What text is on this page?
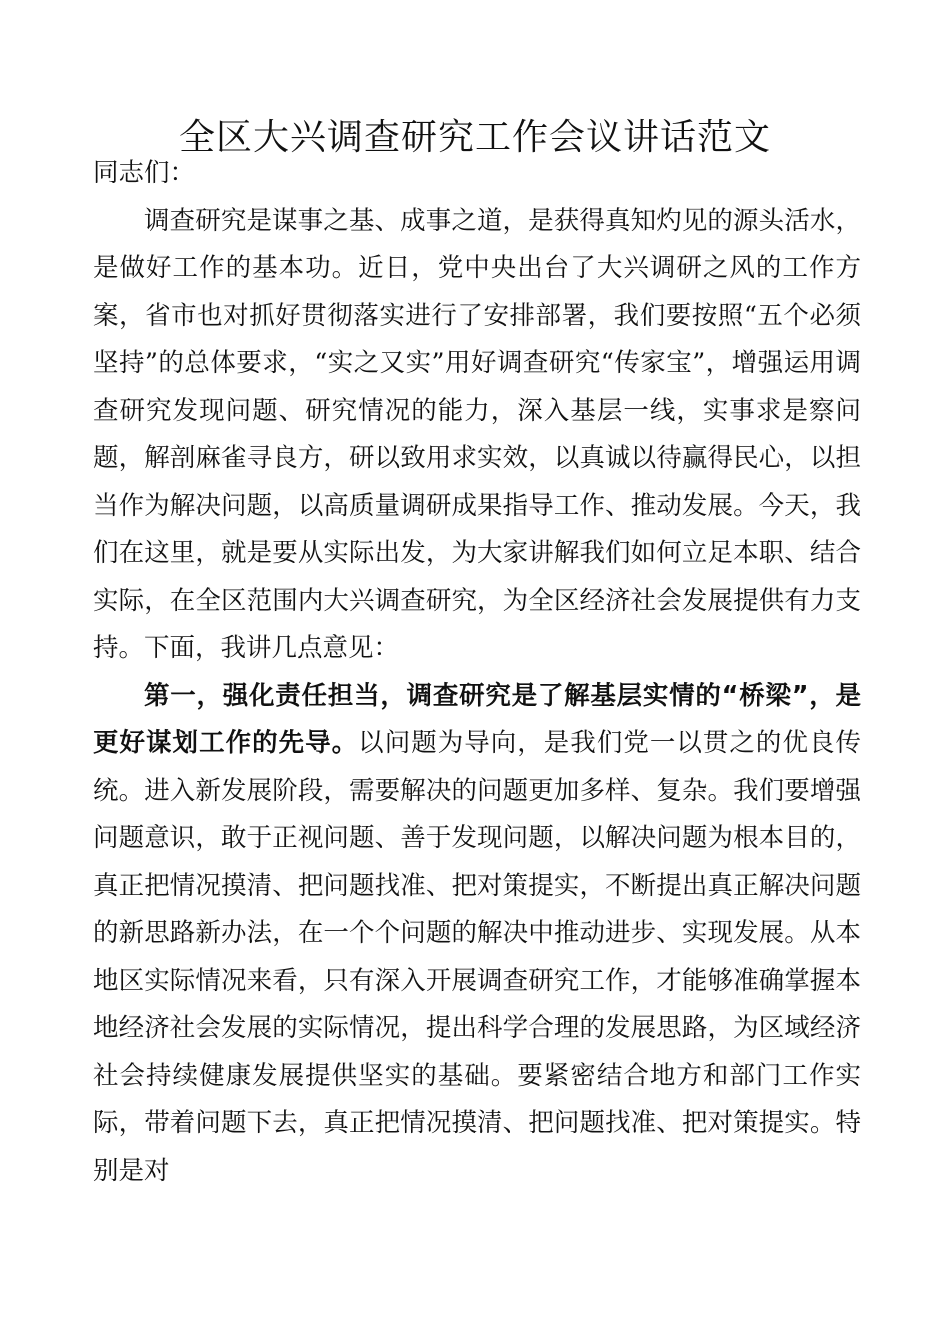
全区大兴调查研究工作会议讲话范文

同志们：

调查研究是谋事之基、成事之道，是获得真知灼见的源头活水，是做好工作的基本功。近日，党中央出台了大兴调研之风的工作方案，省市也对抓好贯彻落实进行了安排部署，我们要按照“五个必须坚持”的总体要求，“实之又实”用好调查研究“传家宝”，增强运用调查研究发现问题、研究情况的能力，深入基层一线，实事求是察问题，解剖麻雀寻良方，研以致用求实效，以真诚以待赢得民心，以担当作为解决问题，以高质量调研成果指导工作、推动发展。今天，我们在这里，就是要从实际出发，为大家讲解我们如何立足本职、结合实际，在全区范围内大兴调查研究，为全区经济社会发展提供有力支持。下面，我讲几点意见：

第一，强化责任担当，调查研究是了解基层实情的“桥梁”，是更好谋划工作的先导。以问题为导向，是我们党一以贯之的优良传统。进入新发展阶段，需要解决的问题更加多样、复杂。我们要增强问题意识，敢于正视问题、善于发现问题，以解决问题为根本目的，真正把情况摸清、把问题找准、把对策提实，不断提出真正解决问题的新思路新办法，在一个个问题的解决中推动进步、实现发展。从本地区实际情况来看，只有深入开展调查研究工作，才能够准确掌握本地经济社会发展的实际情况，提出科学合理的发展思路，为区域经济社会持续健康发展提供坚实的基础。要紧密结合地方和部门工作实际，带着问题下去，真正把情况摸清、把问题找准、把对策提实。特别是对
